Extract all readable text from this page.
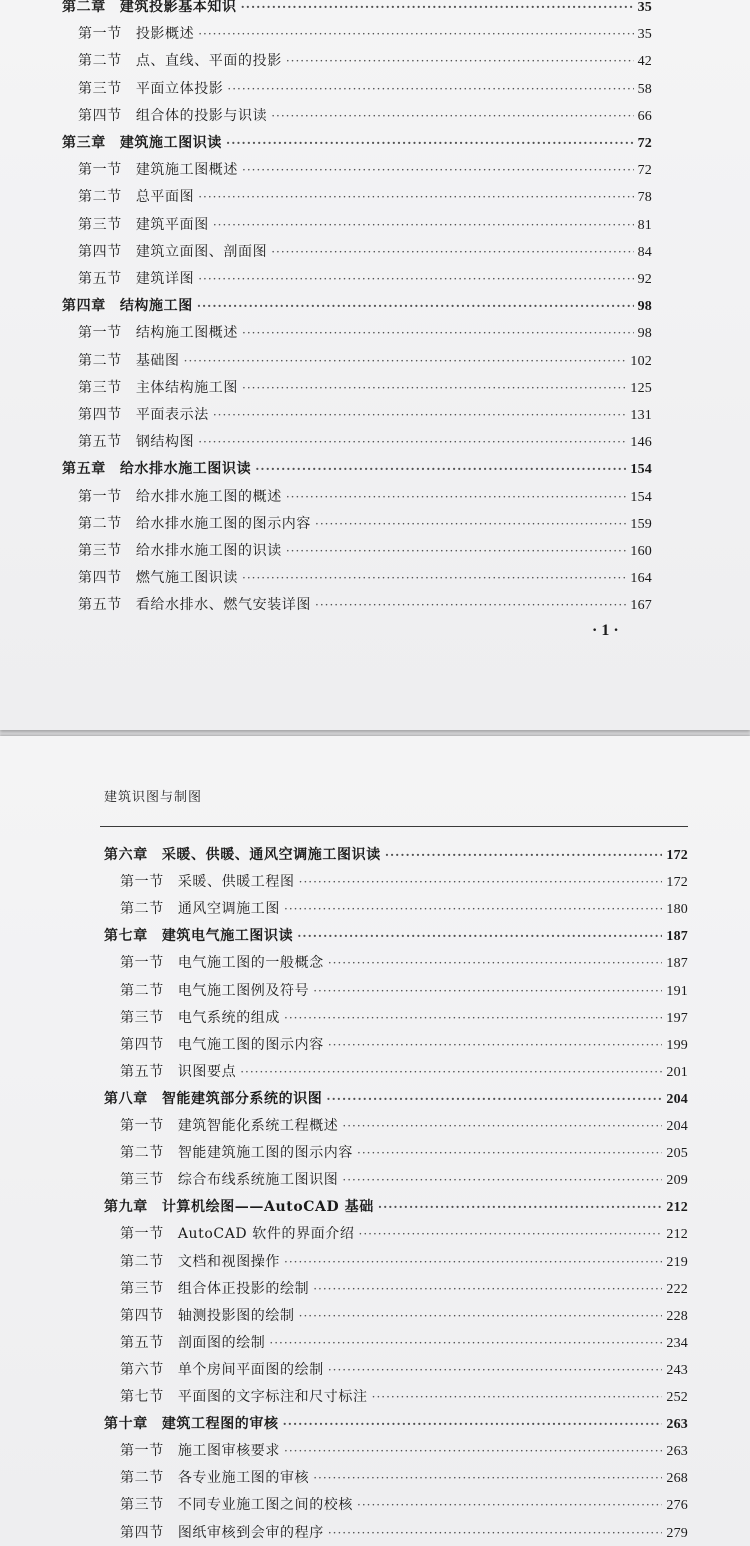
第二章 建筑投影基本知识 ·····	35
第一节 投影概述 ·····	35
第二节 点、直线、平面的投影 ·····	42
第三节 平面立体投影 ·····	58
第四节 组合体的投影与识读 ·····	66
第三章 建筑施工图识读 ·····	72
第一节 建筑施工图概述 ·····	72
第二节 总平面图 ·····	78
第三节 建筑平面图 ·····	81
第四节 建筑立面图、剖面图 ·····	84
第五节 建筑详图 ·····	92
第四章 结构施工图 ·····	98
第一节 结构施工图概述 ·····	98
第二节 基础图 ·····	102
第三节 主体结构施工图 ·····	125
第四节 平面表示法 ·····	131
第五节 钢结构图 ·····	146
第五章 给水排水施工图识读 ·····	154
第一节 给水排水施工图的概述 ·····	154
第二节 给水排水施工图的图示内容 ·····	159
第三节 给水排水施工图的识读 ·····	160
第四节 燃气施工图识读 ·····	164
第五节 看给水排水、燃气安装详图 ·····	167
·1·
建筑识图与制图
第六章 采暖、供暖、通风空调施工图识读 ·····	172
第一节 采暖、供暖工程图 ·····	172
第二节 通风空调施工图 ·····	180
第七章 建筑电气施工图识读 ·····	187
第一节 电气施工图的一般概念 ·····	187
第二节 电气施工图例及符号 ·····	191
第三节 电气系统的组成 ·····	197
第四节 电气施工图的图示内容 ·····	199
第五节 识图要点 ·····	201
第八章 智能建筑部分系统的识图 ·····	204
第一节 建筑智能化系统工程概述 ·····	204
第二节 智能建筑施工图的图示内容 ·····	205
第三节 综合布线系统施工图识图 ·····	209
第九章 计算机绘图——AutoCAD 基础 ·····	212
第一节 AutoCAD 软件的界面介绍 ·····	212
第二节 文档和视图操作 ·····	219
第三节 组合体正投影的绘制 ·····	222
第四节 轴测投影图的绘制 ·····	228
第五节 剖面图的绘制 ·····	234
第六节 单个房间平面图的绘制 ·····	243
第七节 平面图的文字标注和尺寸标注 ·····	252
第十章 建筑工程图的审核 ·····	263
第一节 施工图审核要求 ·····	263
第二节 各专业施工图的审核 ·····	268
第三节 不同专业施工图之间的校核 ·····	276
第四节 图纸审核到会审的程序 ·····	279
